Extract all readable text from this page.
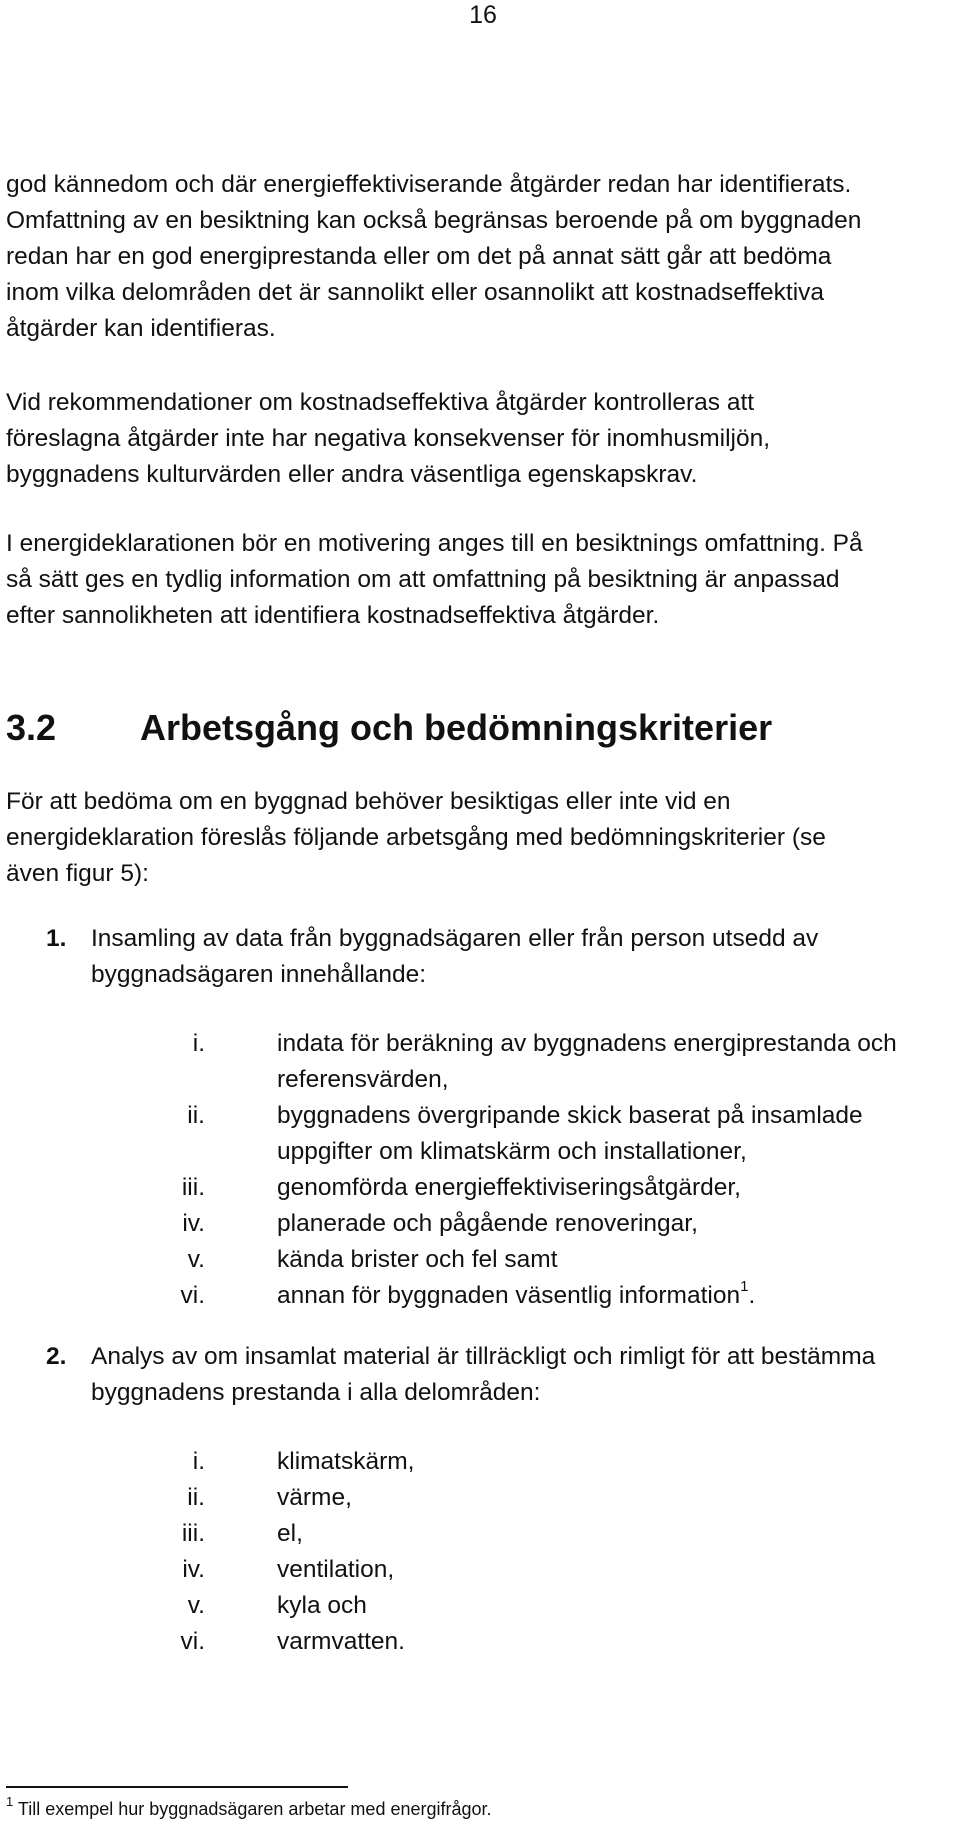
16

god kännedom och där energieffektiviserande åtgärder redan har identifierats.
Omfattning av en besiktning kan också begränsas beroende på om byggnaden
redan har en god energiprestanda eller om det på annat sätt går att bedöma
inom vilka delområden det är sannolikt eller osannolikt att kostnadseffektiva
åtgärder kan identifieras.

Vid rekommendationer om kostnadseffektiva åtgärder kontrolleras att
föreslagna åtgärder inte har negativa konsekvenser för inomhusmiljön,
byggnadens kulturvärden eller andra väsentliga egenskapskrav.

I energideklarationen bör en motivering anges till en besiktnings omfattning. På
så sätt ges en tydlig information om att omfattning på besiktning är anpassad
efter sannolikheten att identifiera kostnadseffektiva åtgärder.

3.2 Arbetsgång och bedömningskriterier

För att bedöma om en byggnad behöver besiktigas eller inte vid en
energideklaration föreslås följande arbetsgång med bedömningskriterier (se
även figur 5):

1. Insamling av data från byggnadsägaren eller från person utsedd av
byggnadsägaren innehållande:
i.	indata för beräkning av byggnadens energiprestanda och
referensvärden,
ii.	byggnadens övergripande skick baserat på insamlade
uppgifter om klimatskärm och installationer,
iii.	genomförda energieffektiviseringsåtgärder,
iv.	planerade och pågående renoveringar,
v.	kända brister och fel samt
vi.	annan för byggnaden väsentlig information$^1$.
2. Analys av om insamlat material är tillräckligt och rimligt för att bestämma
byggnadens prestanda i alla delområden:
i.	klimatskärm,
ii.	värme,
iii.	el,
iv.	ventilation,
v.	kyla och
vi.	varmvatten.
$^1$ Till exempel hur byggnadsägaren arbetar med energifrågor.
